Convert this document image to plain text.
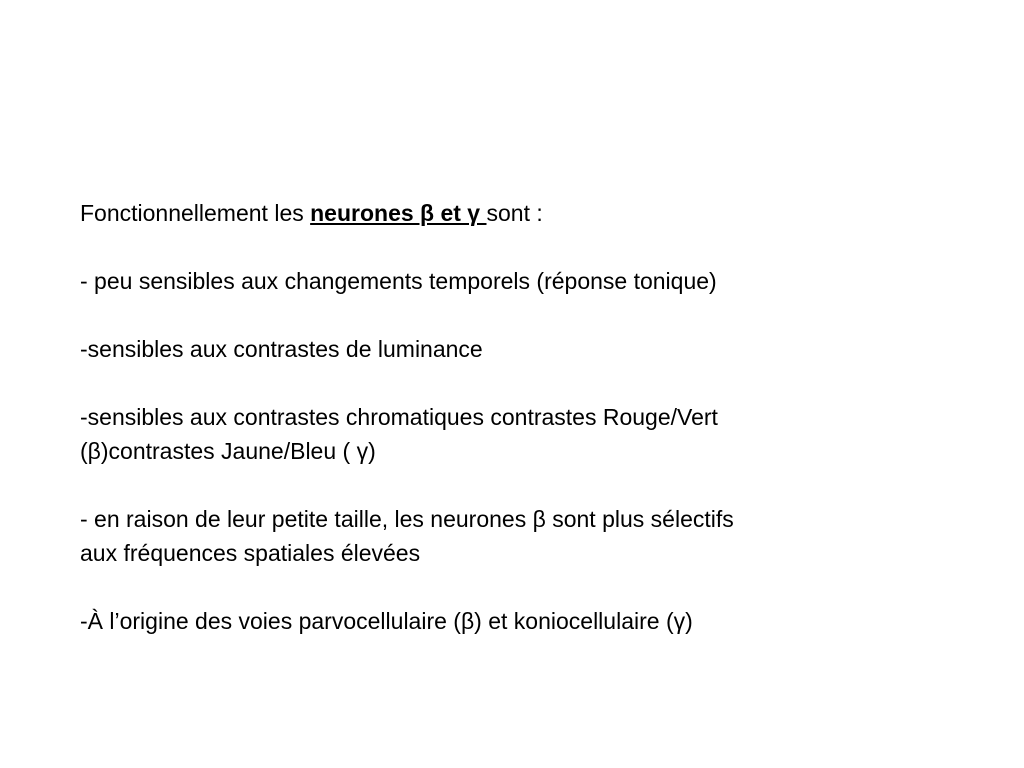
Fonctionnellement les neurones β et γ sont :

- peu sensibles aux changements temporels (réponse tonique)

-sensibles aux contrastes de luminance

-sensibles aux contrastes chromatiques contrastes Rouge/Vert

(β)contrastes Jaune/Bleu ( γ)

- en raison de leur petite taille, les neurones β sont plus sélectifs

aux fréquences spatiales élevées

-À l’origine des voies parvocellulaire (β) et koniocellulaire (γ)
